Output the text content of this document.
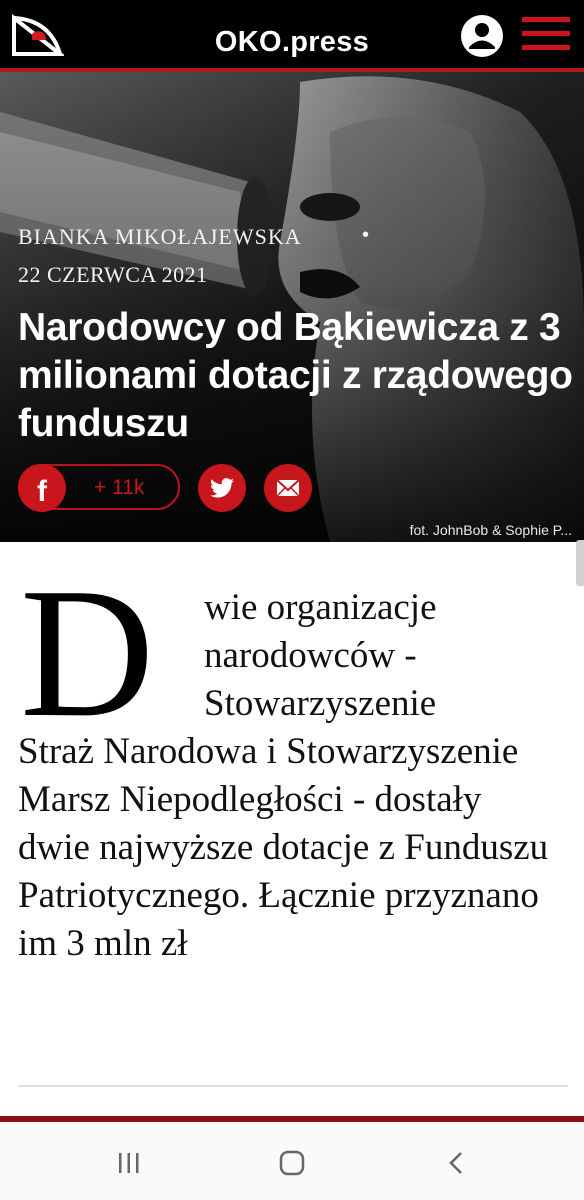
OKO.press
BIANKA MIKOŁAJEWSKA	•
22 CZERWCA 2021
Narodowcy od Bąkiewicza z 3 milionami dotacji z rządowego funduszu
f	+ 11k
fot. JohnBob & Sophie P...
D	wie organizacje narodowców - Stowarzyszenie
Straż Narodowa i Stowarzyszenie Marsz Niepodległości - dostały dwie najwyższe dotacje z Funduszu Patriotycznego. Łącznie przyznano im 3 mln zł
